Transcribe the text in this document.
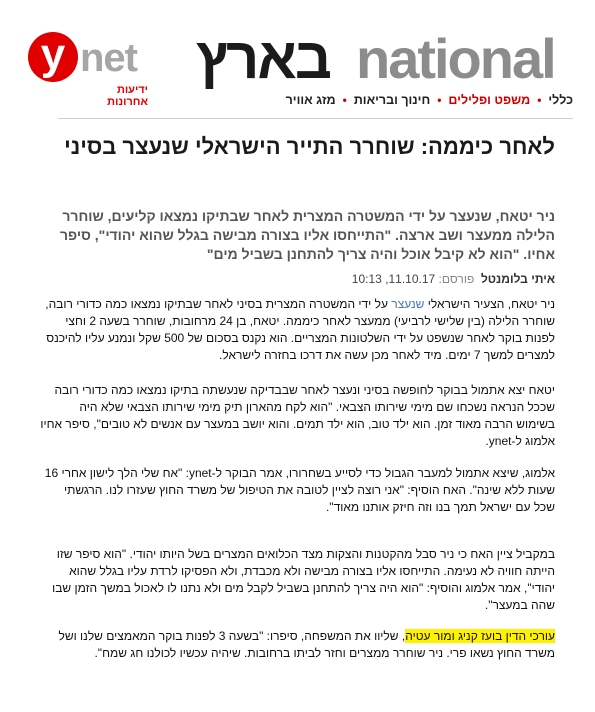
y net
ידיעות אחרונות
בארץ national
כללי
•
משפט ופלילים
•
חינוך ובריאות
•
מזג אוויר
לאחר כיממה: שוחרר התייר הישראלי שנעצר בסיני

ניר יטאח, שנעצר על ידי המשטרה המצרית לאחר שבתיקו נמצאו קליעים, שוחרר הלילה ממעצר ושב ארצה. "התייחסו אליו בצורה מבישה בגלל שהוא יהודי", סיפר אחיו. "הוא לא קיבל אוכל והיה צריך להתחנן בשביל מים"

איתי בלומנטל  פורסם: 11.10.17, 10:13

ניר יטאח, הצעיר הישראלי שנעצר על ידי המשטרה המצרית בסיני לאחר שבתיקו נמצאו כמה כדורי רובה, שוחרר הלילה (בין שלישי לרביעי) ממעצר לאחר כיממה. יטאח, בן 24 מרחובות, שוחרר בשעה 2 וחצי לפנות בוקר לאחר שנשפט על ידי השלטונות המצריים. הוא נקנס בסכום של 500 שקל ונמנע עליו להיכנס למצרים למשך 7 ימים. מיד לאחר מכן עשה את דרכו בחזרה לישראל.

יטאח יצא אתמול בבוקר לחופשה בסיני ונעצר לאחר שבבדיקה שנעשתה בתיקו נמצאו כמה כדורי רובה שככל הנראה נשכחו שם מימי שירותו הצבאי. "הוא לקח מהארון תיק מימי שירותו הצבאי שלא היה בשימוש הרבה מאוד זמן. הוא ילד טוב, הוא ילד תמים. והוא יושב במעצר עם אנשים לא טובים", סיפר אחיו אלמוג ל-ynet.

אלמוג, שיצא אתמול למעבר הגבול כדי לסייע בשחרורו, אמר הבוקר ל-ynet: "אח שלי הלך לישון אחרי 16 שעות ללא שינה". האח הוסיף: "אני רוצה לציין לטובה את הטיפול של משרד החוץ שעזרו לנו. הרגשתי שכל עם ישראל תמך בנו וזה חיזק אותנו מאוד".

במקביל ציין האח כי ניר סבל מהקטנות והצקות מצד הכלואים המצרים בשל היותו יהודי. "הוא סיפר שזו הייתה חוויה לא נעימה. התייחסו אליו בצורה מבישה ולא מכבדת, ולא הפסיקו לרדת עליו בגלל שהוא יהודי", אמר אלמוג והוסיף: "הוא היה צריך להתחנן בשביל לקבל מים ולא נתנו לו לאכול במשך הזמן שבו שהה במעצר".

עורכי הדין בועז קניג ומור עטיה, שליוו את המשפחה, סיפרו: "בשעה 3 לפנות בוקר המאמצים שלנו ושל משרד החוץ נשאו פרי. ניר שוחרר ממצרים וחזר לביתו ברחובות. שיהיה עכשיו לכולנו חג שמח".
